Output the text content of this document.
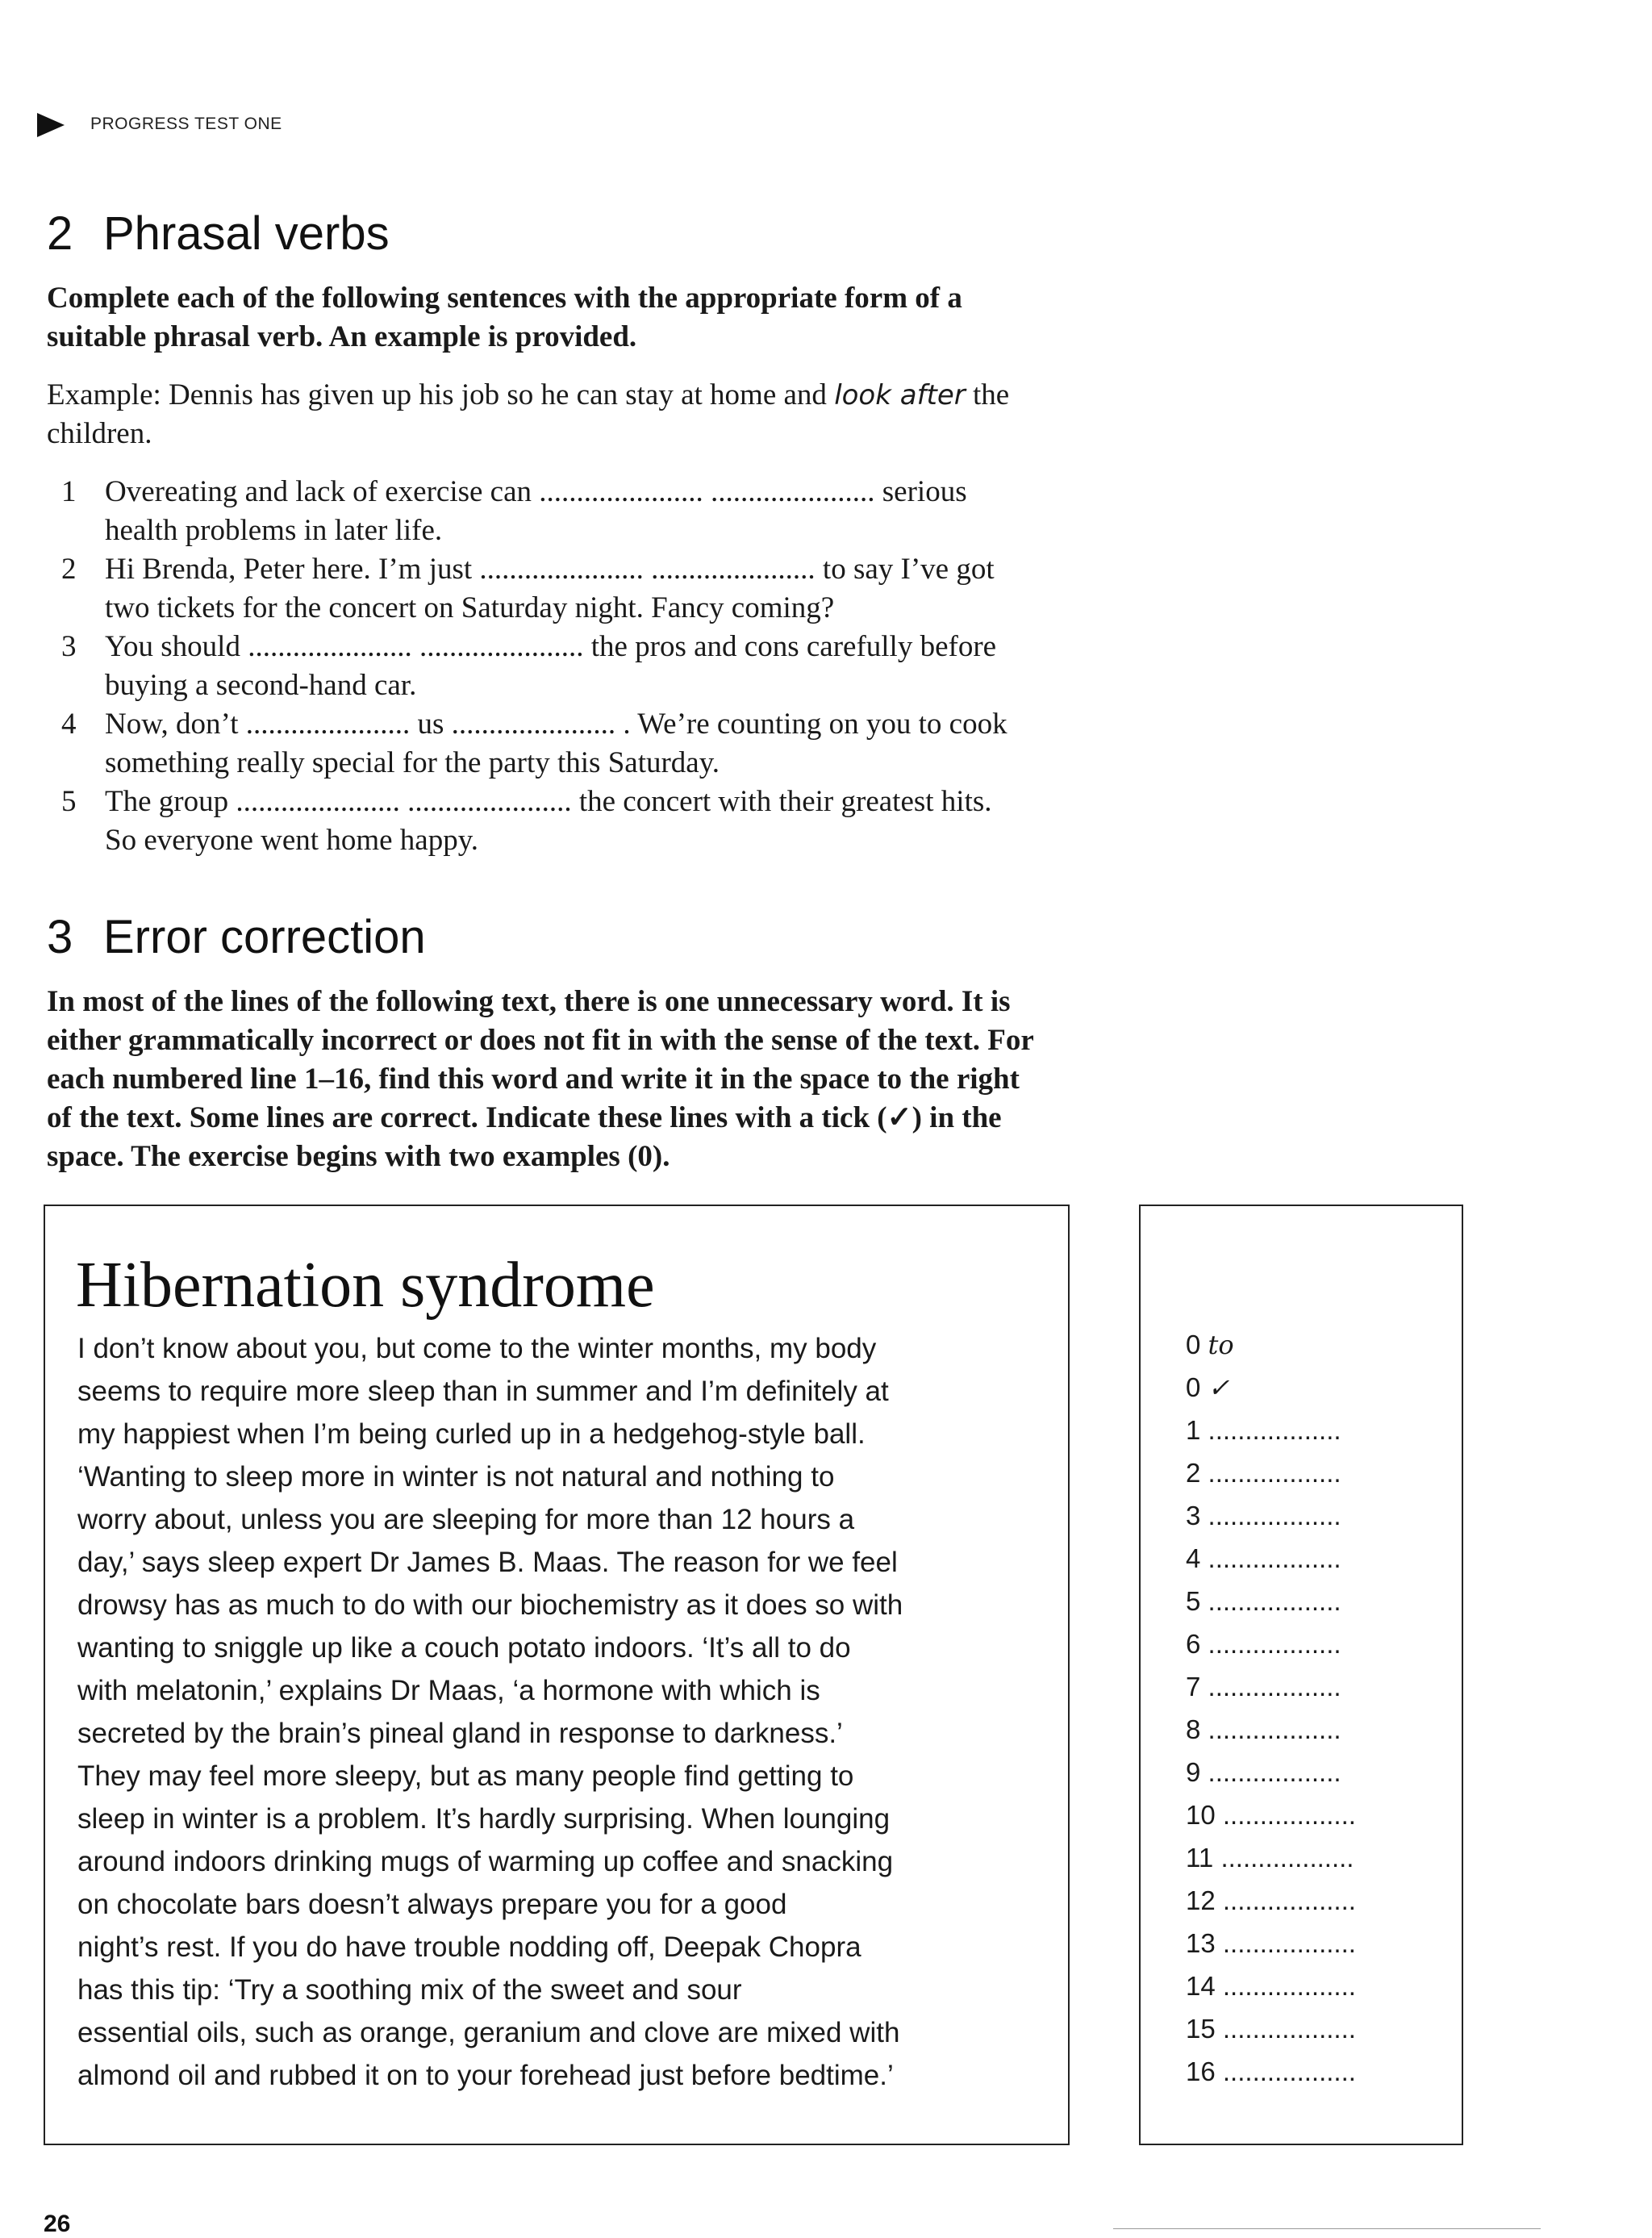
PROGRESS TEST ONE
2 Phrasal verbs
Complete each of the following sentences with the appropriate form of a
suitable phrasal verb. An example is provided.
Example: Dennis has given up his job so he can stay at home and look after the
children.
1 Overeating and lack of exercise can ...................... ...................... serious
health problems in later life.
2 Hi Brenda, Peter here. I’m just ...................... ...................... to say I’ve got
two tickets for the concert on Saturday night. Fancy coming?
3 You should ...................... ...................... the pros and cons carefully before
buying a second-hand car.
4 Now, don’t ...................... us ...................... . We’re counting on you to cook
something really special for the party this Saturday.
5 The group ...................... ...................... the concert with their greatest hits.
So everyone went home happy.
3 Error correction
In most of the lines of the following text, there is one unnecessary word. It is
either grammatically incorrect or does not fit in with the sense of the text. For
each numbered line 1–16, find this word and write it in the space to the right
of the text. Some lines are correct. Indicate these lines with a tick (✓) in the
space. The exercise begins with two examples (0).
Hibernation syndrome
I don’t know about you, but come to the winter months, my body
seems to require more sleep than in summer and I’m definitely at
my happiest when I’m being curled up in a hedgehog-style ball.
‘Wanting to sleep more in winter is not natural and nothing to
worry about, unless you are sleeping for more than 12 hours a
day,’ says sleep expert Dr James B. Maas. The reason for we feel
drowsy has as much to do with our biochemistry as it does so with
wanting to sniggle up like a couch potato indoors. ‘It’s all to do
with melatonin,’ explains Dr Maas, ‘a hormone with which is
secreted by the brain’s pineal gland in response to darkness.’
They may feel more sleepy, but as many people find getting to
sleep in winter is a problem. It’s hardly surprising. When lounging
around indoors drinking mugs of warming up coffee and snacking
on chocolate bars doesn’t always prepare you for a good
night’s rest. If you do have trouble nodding off, Deepak Chopra
has this tip: ‘Try a soothing mix of the sweet and sour
essential oils, such as orange, geranium and clove are mixed with
almond oil and rubbed it on to your forehead just before bedtime.’
0 to
0 ✓
1 ..................
2 ..................
3 ..................
4 ..................
5 ..................
6 ..................
7 ..................
8 ..................
9 ..................
10 ..................
11 ..................
12 ..................
13 ..................
14 ..................
15 ..................
16 ..................
26
